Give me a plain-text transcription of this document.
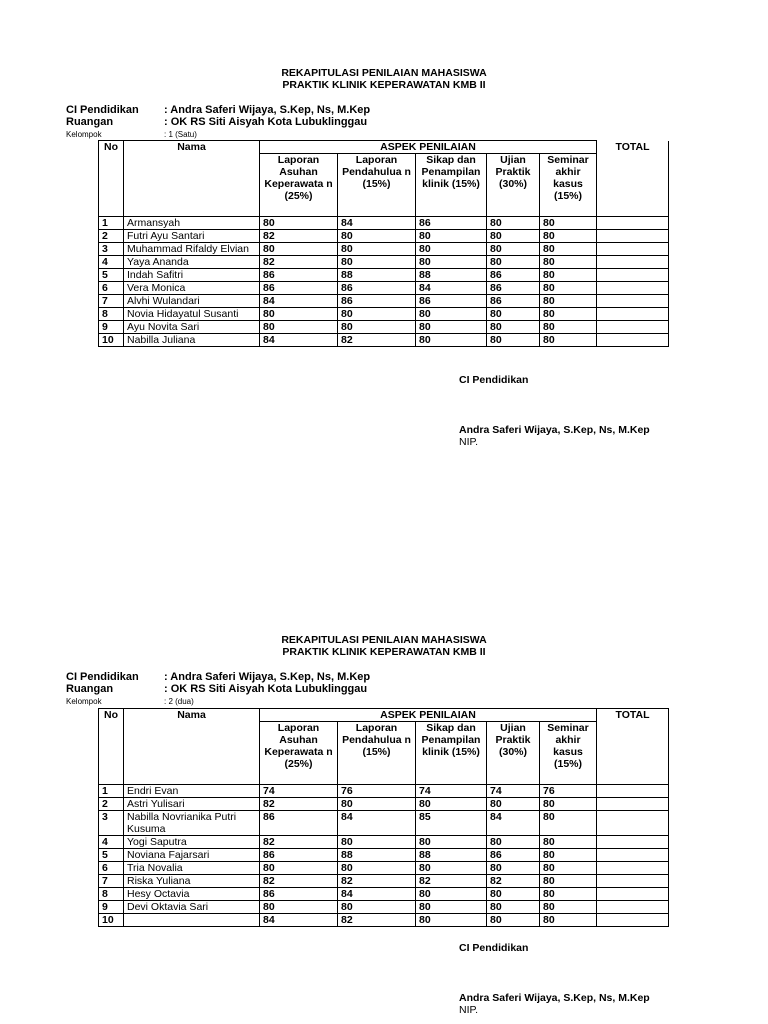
REKAPITULASI PENILAIAN MAHASISWA
PRAKTIK KLINIK KEPERAWATAN KMB II
CI Pendidikan	: Andra Saferi Wijaya, S.Kep, Ns, M.Kep
Ruangan	: OK RS Siti Aisyah Kota Lubuklinggau
Kelompok	: 1 (Satu)
No	Nama	ASPEK PENILAIAN					TOTAL
		Laporan Asuhan Keperawata n (25%)	Laporan Pendahulua n (15%)	Sikap dan Penampilan klinik (15%)	Ujian Praktik (30%)	Seminar akhir kasus (15%)	
1	Armansyah	80	84	86	80	80	
2	Futri Ayu Santari	82	80	80	80	80	
3	Muhammad Rifaldy Elvian	80	80	80	80	80	
4	Yaya Ananda	82	80	80	80	80	
5	Indah Safitri	86	88	88	86	80	
6	Vera Monica	86	86	84	86	80	
7	Alvhi Wulandari	84	86	86	86	80	
8	Novia Hidayatul Susanti	80	80	80	80	80	
9	Ayu Novita Sari	80	80	80	80	80	
10	Nabilla Juliana	84	82	80	80	80	
CI Pendidikan
Andra Saferi Wijaya, S.Kep, Ns, M.Kep
NIP.
REKAPITULASI PENILAIAN MAHASISWA
PRAKTIK KLINIK KEPERAWATAN KMB II
CI Pendidikan	: Andra Saferi Wijaya, S.Kep, Ns, M.Kep
Ruangan	: OK RS Siti Aisyah Kota Lubuklinggau
Kelompok	: 2 (dua)
No	Nama	ASPEK PENILAIAN					TOTAL
		Laporan Asuhan Keperawata n (25%)	Laporan Pendahulua n (15%)	Sikap dan Penampilan klinik (15%)	Ujian Praktik (30%)	Seminar akhir kasus (15%)	
1	Endri Evan	74	76	74	74	76	
2	Astri Yulisari	82	80	80	80	80	
3	Nabilla Novrianika Putri Kusuma	86	84	85	84	80	
4	Yogi Saputra	82	80	80	80	80	
5	Noviana Fajarsari	86	88	88	86	80	
6	Tria Novalia	80	80	80	80	80	
7	Riska Yuliana	82	82	82	82	80	
8	Hesy Octavia	86	84	80	80	80	
9	Devi Oktavia Sari	80	80	80	80	80	
10		84	82	80	80	80	
CI Pendidikan
Andra Saferi Wijaya, S.Kep, Ns, M.Kep
NIP.
